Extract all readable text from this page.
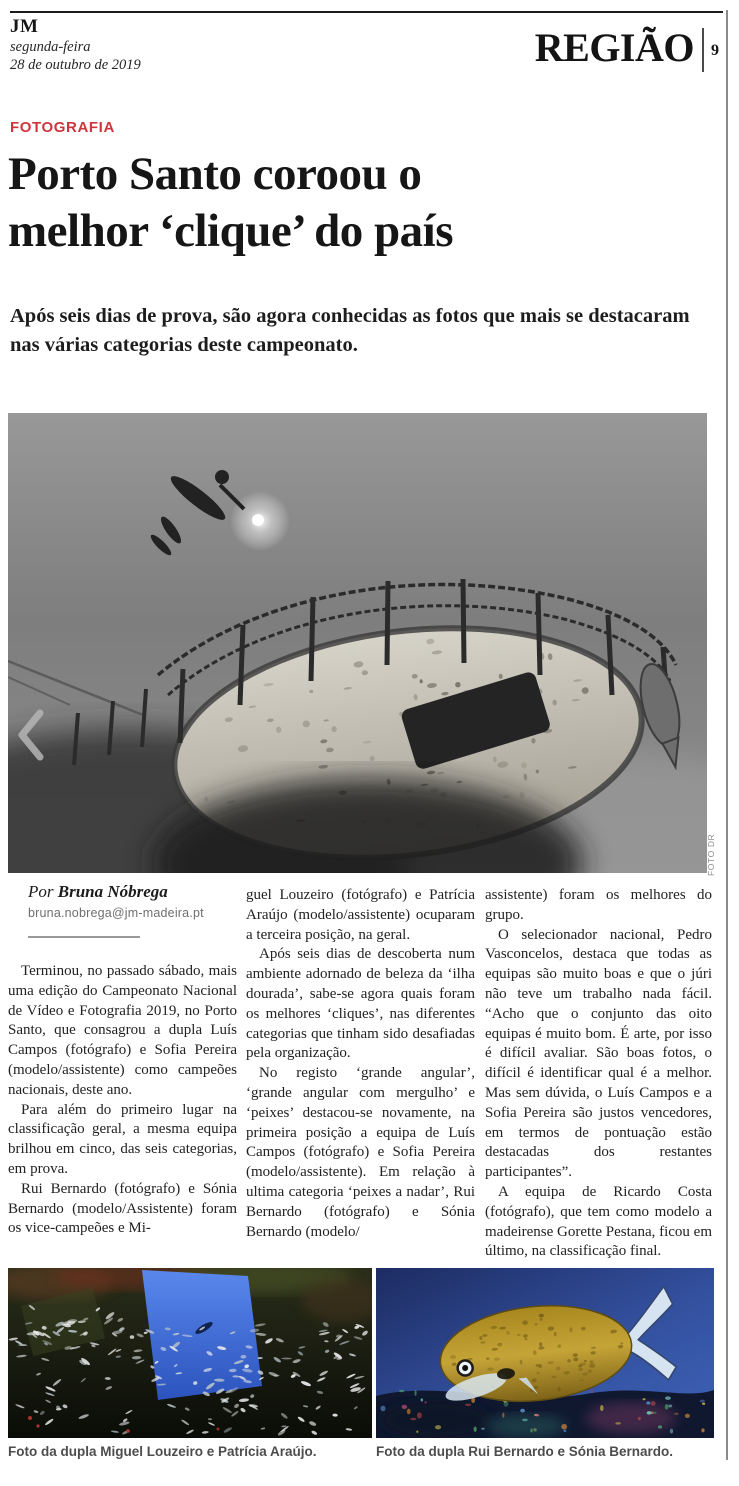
JM
segunda-feira
28 de outubro de 2019	REGIÃO 9
FOTOGRAFIA
Porto Santo coroou o
melhor ‘clique’ do país
Após seis dias de prova, são agora conhecidas as fotos que mais se destacaram nas várias categorias deste campeonato.
FOTO DR
Por Bruna Nóbrega
bruna.nobrega@jm-madeira.pt

Terminou, no passado sábado, mais uma edição do Campeonato Nacional de Vídeo e Fotografia 2019, no Porto Santo, que consagrou a dupla Luís Campos (fotógrafo) e Sofia Pereira (modelo/assistente) como campeões nacionais, deste ano.

Para além do primeiro lugar na classificação geral, a mesma equipa brilhou em cinco, das seis categorias, em prova.

Rui Bernardo (fotógrafo) e Sónia Bernardo (modelo/Assistente) foram os vice-campeões e Mi-

guel Louzeiro (fotógrafo) e Patrícia Araújo (modelo/assistente) ocuparam a terceira posição, na geral.

Após seis dias de descoberta num ambiente adornado de beleza da ‘ilha dourada’, sabe-se agora quais foram os melhores ‘cliques’, nas diferentes categorias que tinham sido desafiadas pela organização.

No registo ‘grande angular’, ‘grande angular com mergulho’ e ‘peixes’ destacou-se novamente, na primeira posição a equipa de Luís Campos (fotógrafo) e Sofia Pereira (modelo/assistente). Em relação à ultima categoria ‘peixes a nadar’, Rui Bernardo (fotógrafo) e Sónia Bernardo (modelo/

assistente) foram os melhores do grupo.

O selecionador nacional, Pedro Vasconcelos, destaca que todas as equipas são muito boas e que o júri não teve um trabalho nada fácil. “Acho que o conjunto das oito equipas é muito bom. É arte, por isso é difícil avaliar. São boas fotos, o difícil é identificar qual é a melhor. Mas sem dúvida, o Luís Campos e a Sofia Pereira são justos vencedores, em termos de pontuação estão destacadas dos restantes participantes”.

A equipa de Ricardo Costa (fotógrafo), que tem como modelo a madeirense Gorette Pestana, ficou em último, na classificação final.

Foto da dupla Miguel Louzeiro e Patrícia Araújo.	Foto da dupla Rui Bernardo e Sónia Bernardo.
